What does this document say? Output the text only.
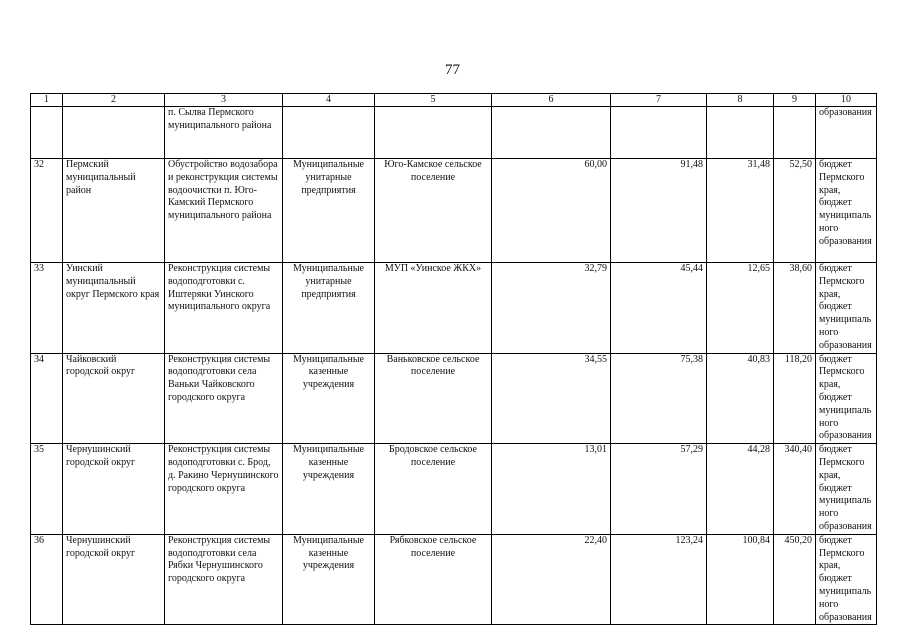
77
1	2	3	4	5	6	7	8	9	10
		п. Сылва Пермского муниципального района							образования
32	Пермский муниципальный район	Обустройство водозабора и реконструкция системы водоочистки п. Юго-Камский Пермского муниципального района	Муниципальные унитарные предприятия	Юго-Камское сельское поселение	60,00	91,48	31,48	52,50	бюджет Пермского края, бюджет муниципального образования
33	Уинский муниципальный округ Пермского края	Реконструкция системы водоподготовки с. Иштеряки Уинского муниципального округа	Муниципальные унитарные предприятия	МУП «Уинское ЖКХ»	32,79	45,44	12,65	38,60	бюджет Пермского края, бюджет муниципального образования
34	Чайковский городской округ	Реконструкция системы водоподготовки села Ваньки Чайковского городского округа	Муниципальные казенные учреждения	Ваньковское сельское поселение	34,55	75,38	40,83	118,20	бюджет Пермского края, бюджет муниципального образования
35	Чернушинский городской округ	Реконструкция системы водоподготовки с. Брод, д. Ракино Чернушинского городского округа	Муниципальные казенные учреждения	Бродовское сельское поселение	13,01	57,29	44,28	340,40	бюджет Пермского края, бюджет муниципального образования
36	Чернушинский городской округ	Реконструкция системы водоподготовки села Рябки Чернушинского городского округа	Муниципальные казенные учреждения	Рябковское сельское поселение	22,40	123,24	100,84	450,20	бюджет Пермского края, бюджет муниципального образования
